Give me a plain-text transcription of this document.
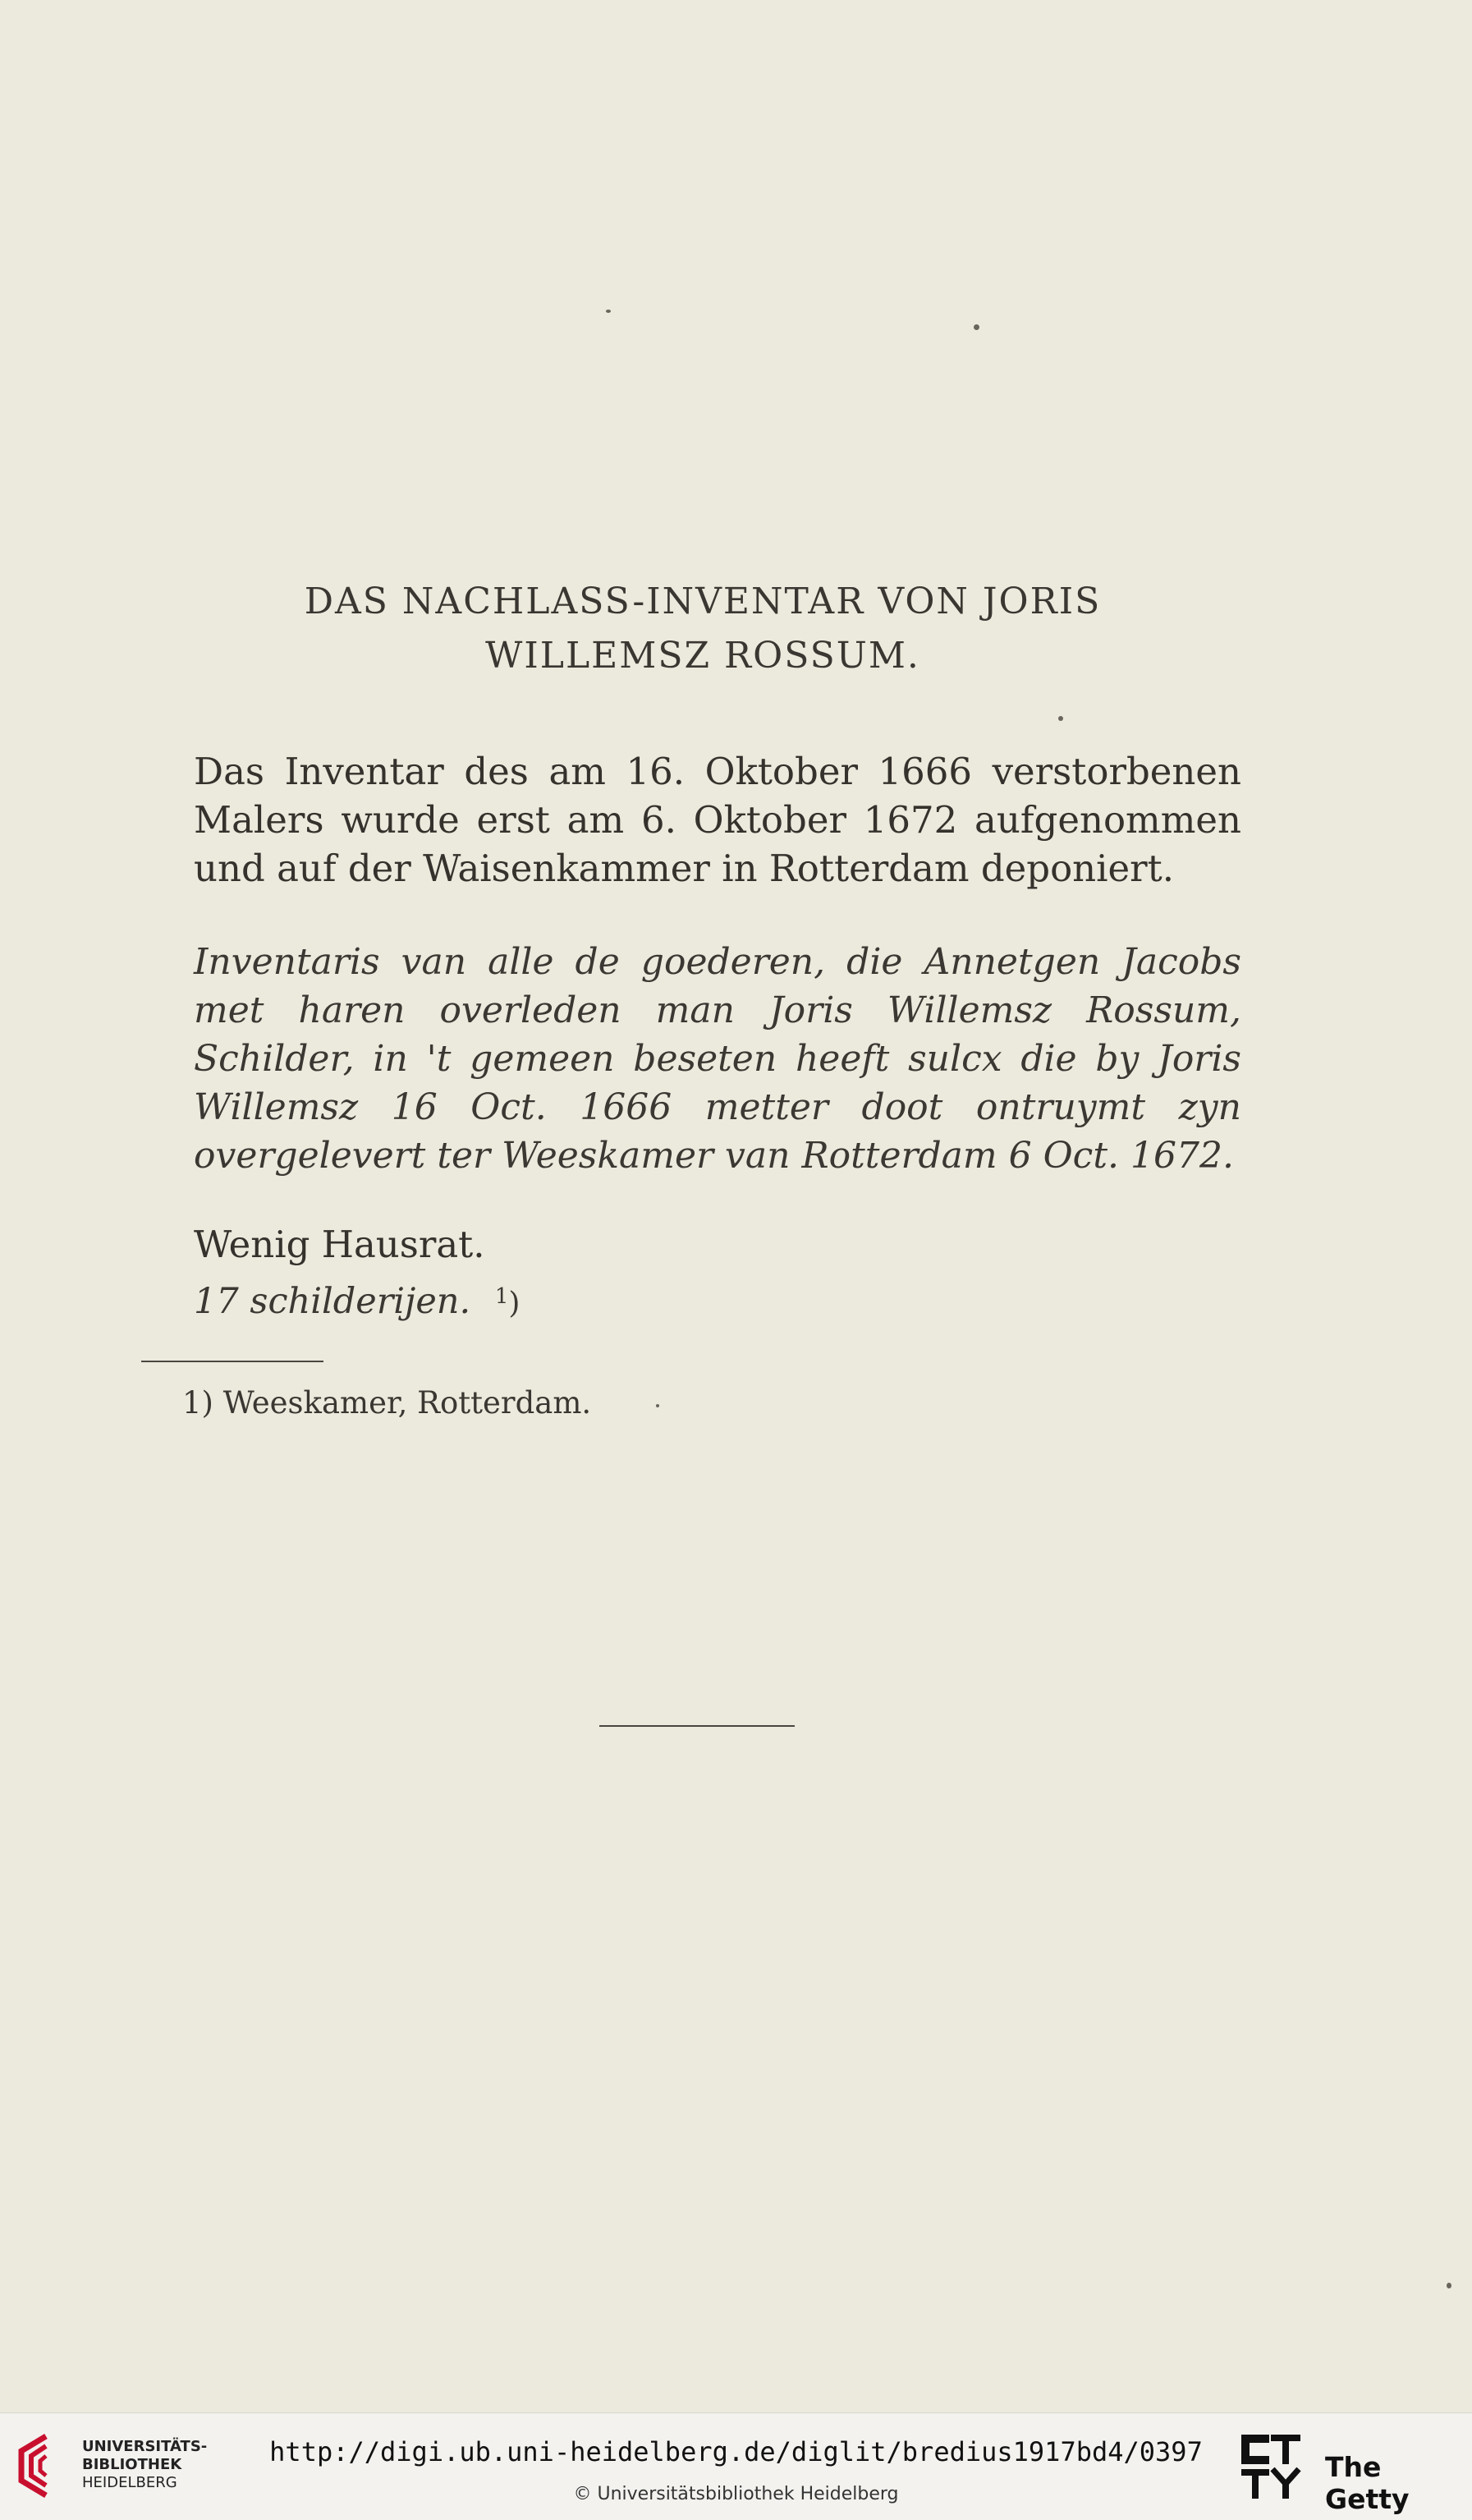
DAS NACHLASS-INVENTAR VON JORIS
WILLEMSZ ROSSUM.

Das Inventar des am 16. Oktober 1666 verstorbenen Malers wurde erst am 6. Oktober 1672 aufgenommen und auf der Waisenkammer in Rotterdam deponiert.

Inventaris van alle de goederen, die Annetgen Jacobs met haren overleden man Joris Willemsz Rossum, Schilder, in 't gemeen beseten heeft sulcx die by Joris Willemsz 16 Oct. 1666 metter doot ontruymt zyn overgelevert ter Weeskamer van Rotterdam 6 Oct. 1672.

Wenig Hausrat.
17 schilderijen. $^1$)
1) Weeskamer, Rotterdam.
UNIVERSITÄTS-
BIBLIOTHEK
HEIDELBERG
http://digi.ub.uni-heidelberg.de/diglit/bredius1917bd4/0397
© Universitätsbibliothek Heidelberg
The Getty
